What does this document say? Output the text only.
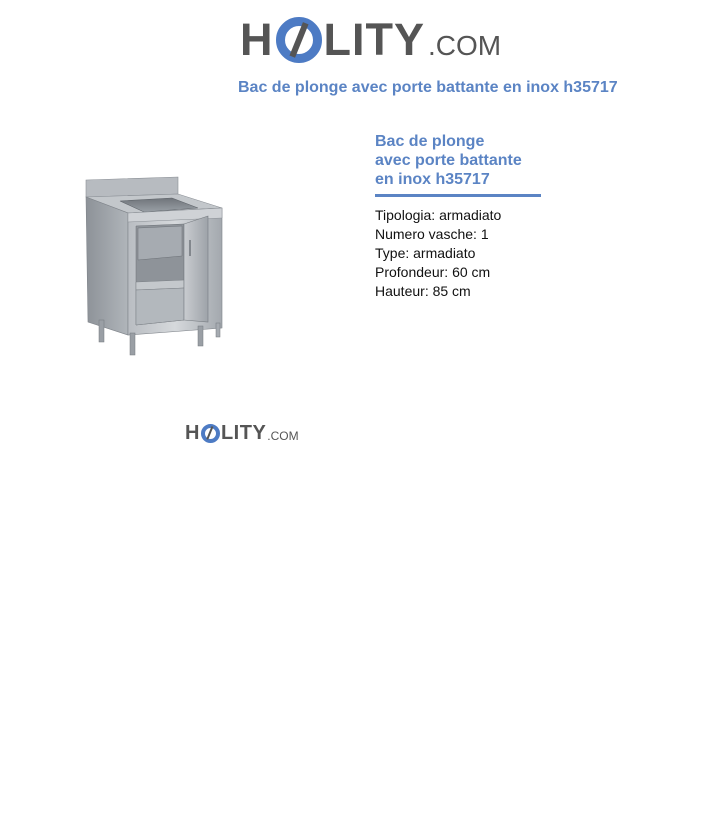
H LITY .COM
Bac de plonge avec porte battante en inox h35717
Bac de plonge
avec porte battante
en inox h35717
Tipologia: armadiato
Numero vasche: 1
Type: armadiato
Profondeur: 60 cm
Hauteur: 85 cm
H LITY .COM
